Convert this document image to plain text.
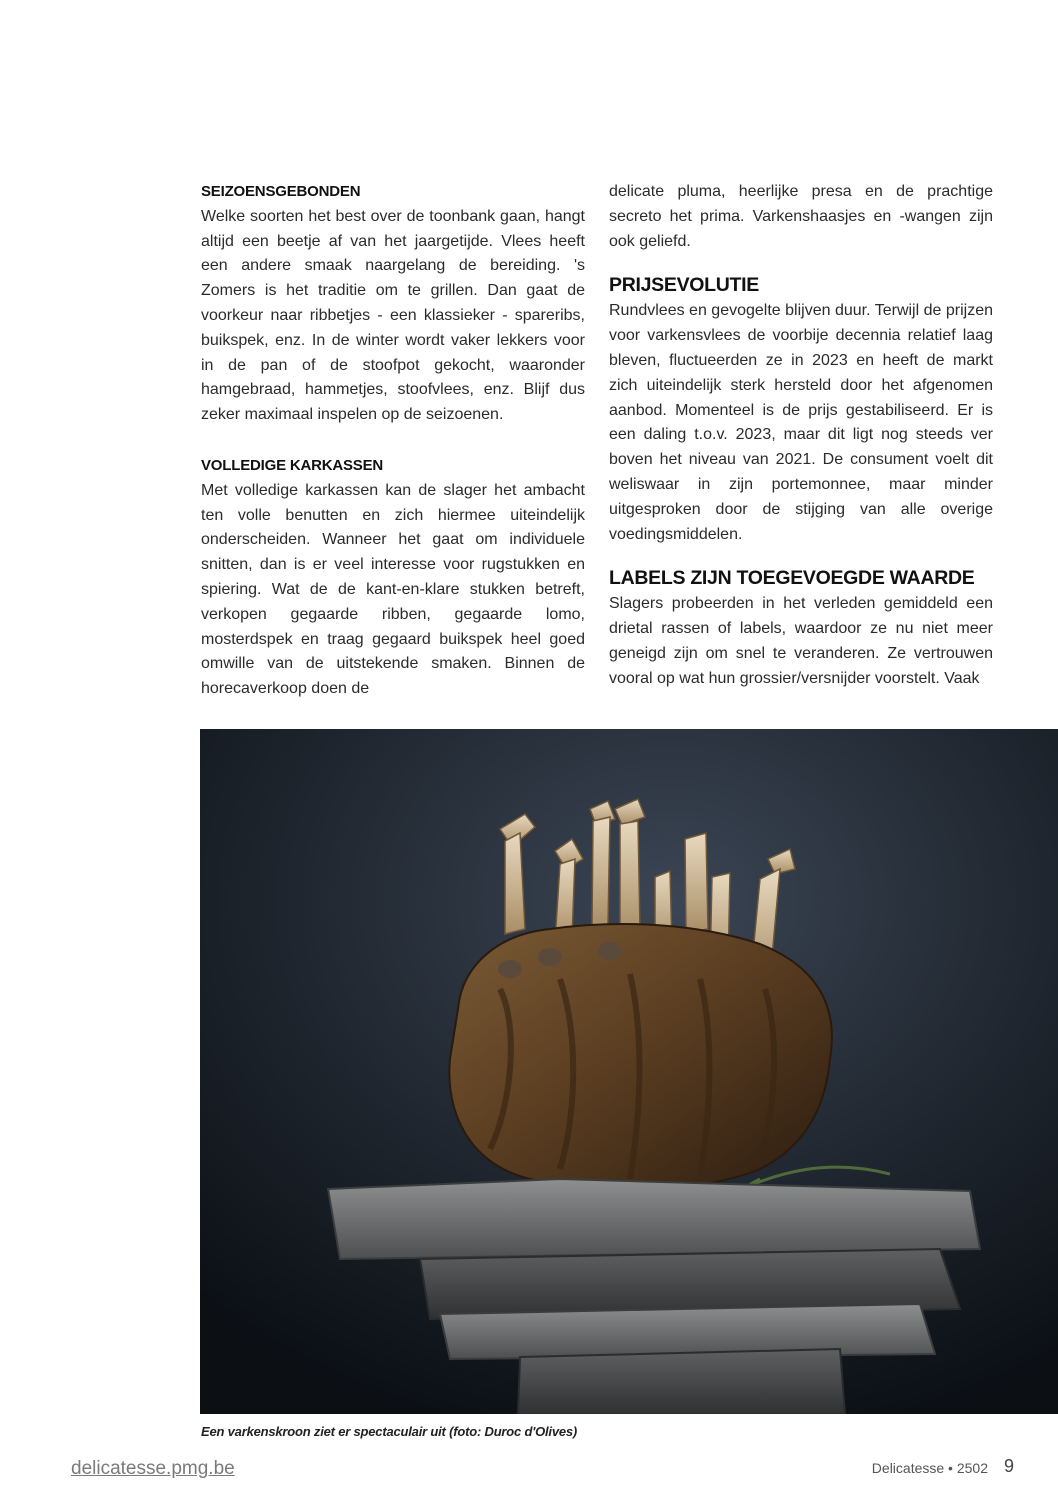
SEIZOENSGEBONDEN

Welke soorten het best over de toonbank gaan, hangt altijd een beetje af van het jaargetijde. Vlees heeft een andere smaak naargelang de bereiding. 's Zomers is het traditie om te grillen. Dan gaat de voorkeur naar ribbetjes - een klassieker - spareribs, buikspek, enz. In de winter wordt vaker lekkers voor in de pan of de stoofpot gekocht, waaronder hamgebraad, hammetjes, stoofvlees, enz. Blijf dus zeker maximaal inspelen op de seizoenen.

VOLLEDIGE KARKASSEN

Met volledige karkassen kan de slager het ambacht ten volle benutten en zich hiermee uiteindelijk onderscheiden. Wanneer het gaat om individuele snitten, dan is er veel interesse voor rugstukken en spiering. Wat de de kant-en-klare stukken betreft, verkopen gegaarde ribben, gegaarde lomo, mosterdspek en traag gegaard buikspek heel goed omwille van de uitstekende smaken. Binnen de horecaverkoop doen de

delicate pluma, heerlijke presa en de prachtige secreto het prima. Varkenshaasjes en -wangen zijn ook geliefd.

PRIJSEVOLUTIE

Rundvlees en gevogelte blijven duur. Terwijl de prijzen voor varkensvlees de voorbije decennia relatief laag bleven, fluctueerden ze in 2023 en heeft de markt zich uiteindelijk sterk hersteld door het afgenomen aanbod. Momenteel is de prijs gestabiliseerd. Er is een daling t.o.v. 2023, maar dit ligt nog steeds ver boven het niveau van 2021. De consument voelt dit weliswaar in zijn portemonnee, maar minder uitgesproken door de stijging van alle overige voedingsmiddelen.

LABELS ZIJN TOEGEVOEGDE WAARDE

Slagers probeerden in het verleden gemiddeld een drietal rassen of labels, waardoor ze nu niet meer geneigd zijn om snel te veranderen. Ze vertrouwen vooral op wat hun grossier/versnijder voorstelt. Vaak

Een varkenskroon ziet er spectaculair uit (foto: Duroc d'Olives)
delicatesse.pmg.be	Delicatesse • 2502 9
